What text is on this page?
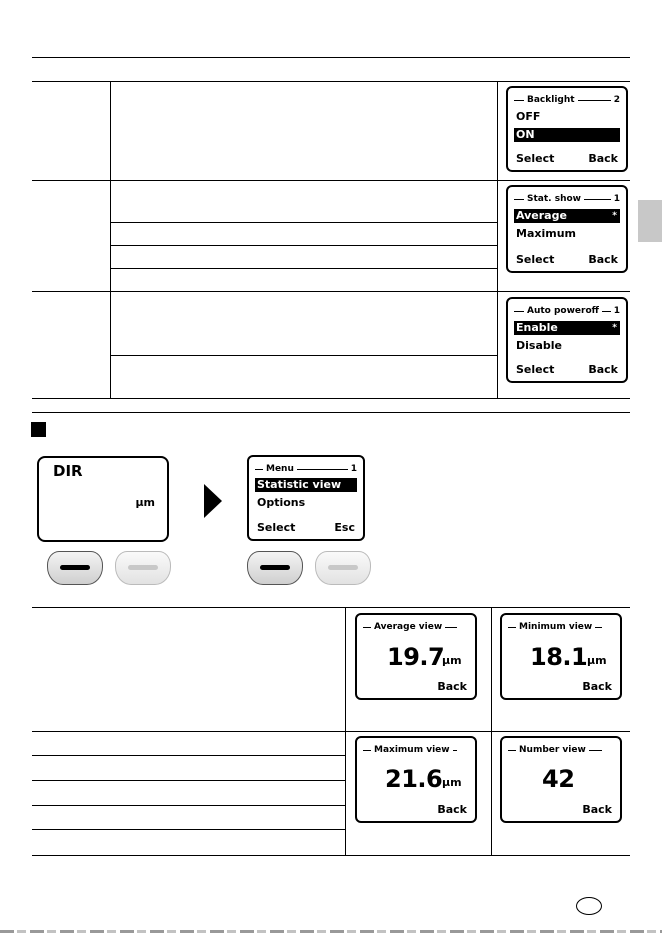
Backlight	2
OFF
ON
Select	Back
Stat. show	1
Average	*
Maximum
Select	Back
Auto poweroff	1
Enable	*
Disable
Select	Back
DIR
µm
Menu	1
Statistic view
Options
Select	Esc
Average view
19.7
µm
Back
Minimum view
18.1 µm
Back
Maximum view
21.6 µm
Back
Number view
42
Back
